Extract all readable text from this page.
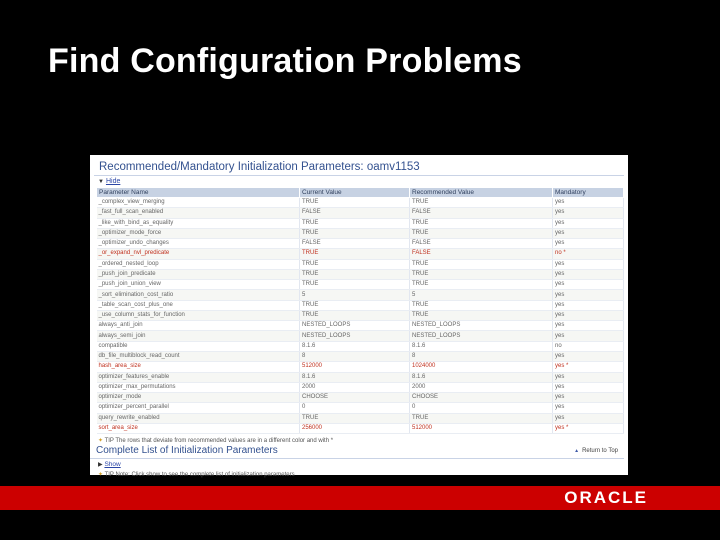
Find Configuration Problems
Recommended/Mandatory Initialization Parameters: oamv1153
▼ Hide
Parameter Name	Current Value	Recommended Value	Mandatory
_complex_view_merging	TRUE	TRUE	yes
_fast_full_scan_enabled	FALSE	FALSE	yes
_like_with_bind_as_equality	TRUE	TRUE	yes
_optimizer_mode_force	TRUE	TRUE	yes
_optimizer_undo_changes	FALSE	FALSE	yes
_or_expand_nvl_predicate	TRUE	FALSE	no *
_ordered_nested_loop	TRUE	TRUE	yes
_push_join_predicate	TRUE	TRUE	yes
_push_join_union_view	TRUE	TRUE	yes
_sort_elimination_cost_ratio	5	5	yes
_table_scan_cost_plus_one	TRUE	TRUE	yes
_use_column_stats_for_function	TRUE	TRUE	yes
always_anti_join	NESTED_LOOPS	NESTED_LOOPS	yes
always_semi_join	NESTED_LOOPS	NESTED_LOOPS	yes
compatible	8.1.6	8.1.6	no
db_file_multiblock_read_count	8	8	yes
hash_area_size	512000	1024000	yes *
optimizer_features_enable	8.1.6	8.1.6	yes
optimizer_max_permutations	2000	2000	yes
optimizer_mode	CHOOSE	CHOOSE	yes
optimizer_percent_parallel	0	0	yes
query_rewrite_enabled	TRUE	TRUE	yes
sort_area_size	256000	512000	yes *
✦ TIP The rows that deviate from recommended values are in a different color and with *
Complete List of Initialization Parameters	▲ Return to Top
▶ Show
✦ TIP Note: Click show to see the complete list of initialization parameters
ORACLE
